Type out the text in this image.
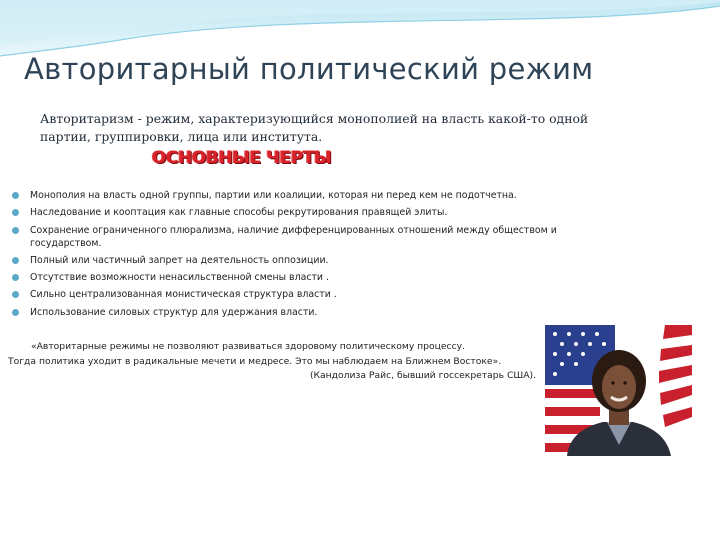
Авторитарный политический режим

Авторитаризм - режим, характеризующийся монополией на власть какой-то одной партии, группировки, лица или института.

ОСНОВНЫЕ ЧЕРТЫ
Монополия на власть одной группы, партии или коалиции, которая ни перед кем не подотчетна.
Наследование и кооптация как главные способы рекрутирования правящей элиты.
Сохранение ограниченного плюрализма, наличие дифференцированных отношений между обществом и государством.
Полный или частичный запрет на деятельность оппозиции.
Отсутствие возможности ненасильственной смены власти .
Сильно централизованная монистическая структура власти .
Использование силовых структур для удержания власти.

«Авторитарные режимы не позволяют развиваться здоровому политическому процессу.
Тогда политика уходит в радикальные мечети и медресе. Это мы наблюдаем на Ближнем Востоке».
(Кандолиза Райс, бывший госсекретарь США).
